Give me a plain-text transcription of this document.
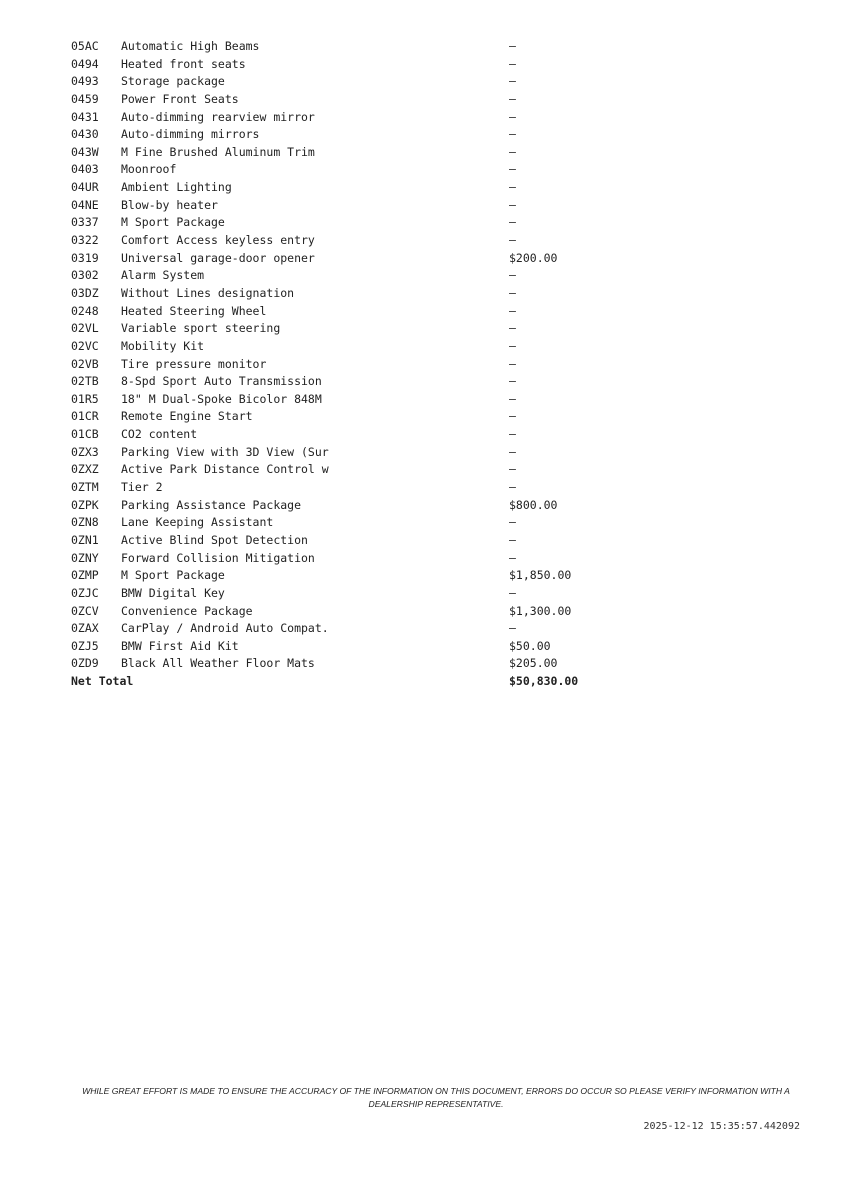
05AC	Automatic High Beams	—
0494	Heated front seats	—
0493	Storage package	—
0459	Power Front Seats	—
0431	Auto-dimming rearview mirror	—
0430	Auto-dimming mirrors	—
043W	M Fine Brushed Aluminum Trim	—
0403	Moonroof	—
04UR	Ambient Lighting	—
04NE	Blow-by heater	—
0337	M Sport Package	—
0322	Comfort Access keyless entry	—
0319	Universal garage-door opener	$200.00
0302	Alarm System	—
03DZ	Without Lines designation	—
0248	Heated Steering Wheel	—
02VL	Variable sport steering	—
02VC	Mobility Kit	—
02VB	Tire pressure monitor	—
02TB	8-Spd Sport Auto Transmission	—
01R5	18" M Dual-Spoke Bicolor 848M	—
01CR	Remote Engine Start	—
01CB	CO2 content	—
0ZX3	Parking View with 3D View (Sur	—
0ZXZ	Active Park Distance Control w	—
0ZTM	Tier 2	—
0ZPK	Parking Assistance Package	$800.00
0ZN8	Lane Keeping Assistant	—
0ZN1	Active Blind Spot Detection	—
0ZNY	Forward Collision Mitigation	—
0ZMP	M Sport Package	$1,850.00
0ZJC	BMW Digital Key	—
0ZCV	Convenience Package	$1,300.00
0ZAX	CarPlay / Android Auto Compat.	—
0ZJ5	BMW First Aid Kit	$50.00
0ZD9	Black All Weather Floor Mats	$205.00
Net Total	$50,830.00
WHILE GREAT EFFORT IS MADE TO ENSURE THE ACCURACY OF THE INFORMATION ON THIS DOCUMENT, ERRORS DO OCCUR SO PLEASE VERIFY INFORMATION WITH A DEALERSHIP REPRESENTATIVE.
2025-12-12 15:35:57.442092
